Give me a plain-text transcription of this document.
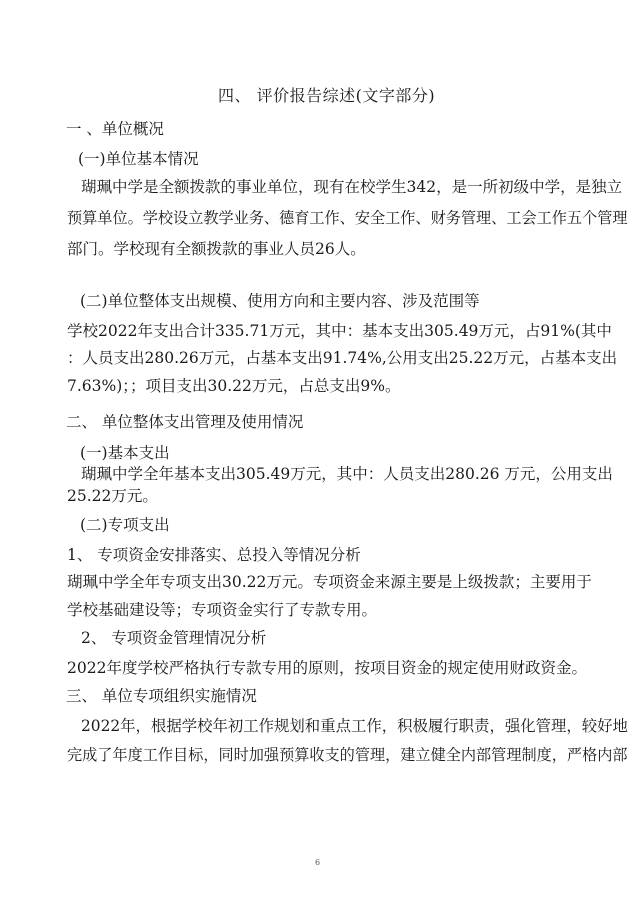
四、 评价报告综述(文字部分)
一 、单位概况
(一)单位基本情况
瑚珮中学是全额拨款的事业单位，现有在校学生342，是一所初级中学，是独立
预算单位。学校设立教学业务、德育工作、安全工作、财务管理、工会工作五个管理
部门。学校现有全额拨款的事业人员26人。
(二)单位整体支出规模、使用方向和主要内容、涉及范围等
学校2022年支出合计335.71万元，其中：基本支出305.49万元，占91%(其中
：人员支出280.26万元，占基本支出91.74%,公用支出25.22万元，占基本支出
7.63%)；；项目支出30.22万元，占总支出9%。
二、 单位整体支出管理及使用情况
(一)基本支出
瑚珮中学全年基本支出305.49万元，其中：人员支出280.26 万元，公用支出
25.22万元。
(二)专项支出
1、 专项资金安排落实、总投入等情况分析
瑚珮中学全年专项支出30.22万元。专项资金来源主要是上级拨款；主要用于
学校基础建设等；专项资金实行了专款专用。
2、 专项资金管理情况分析
2022年度学校严格执行专款专用的原则，按项目资金的规定使用财政资金。
三、 单位专项组织实施情况
2022年，根据学校年初工作规划和重点工作，积极履行职责，强化管理，较好地
完成了年度工作目标，同时加强预算收支的管理，建立健全内部管理制度，严格内部
6
